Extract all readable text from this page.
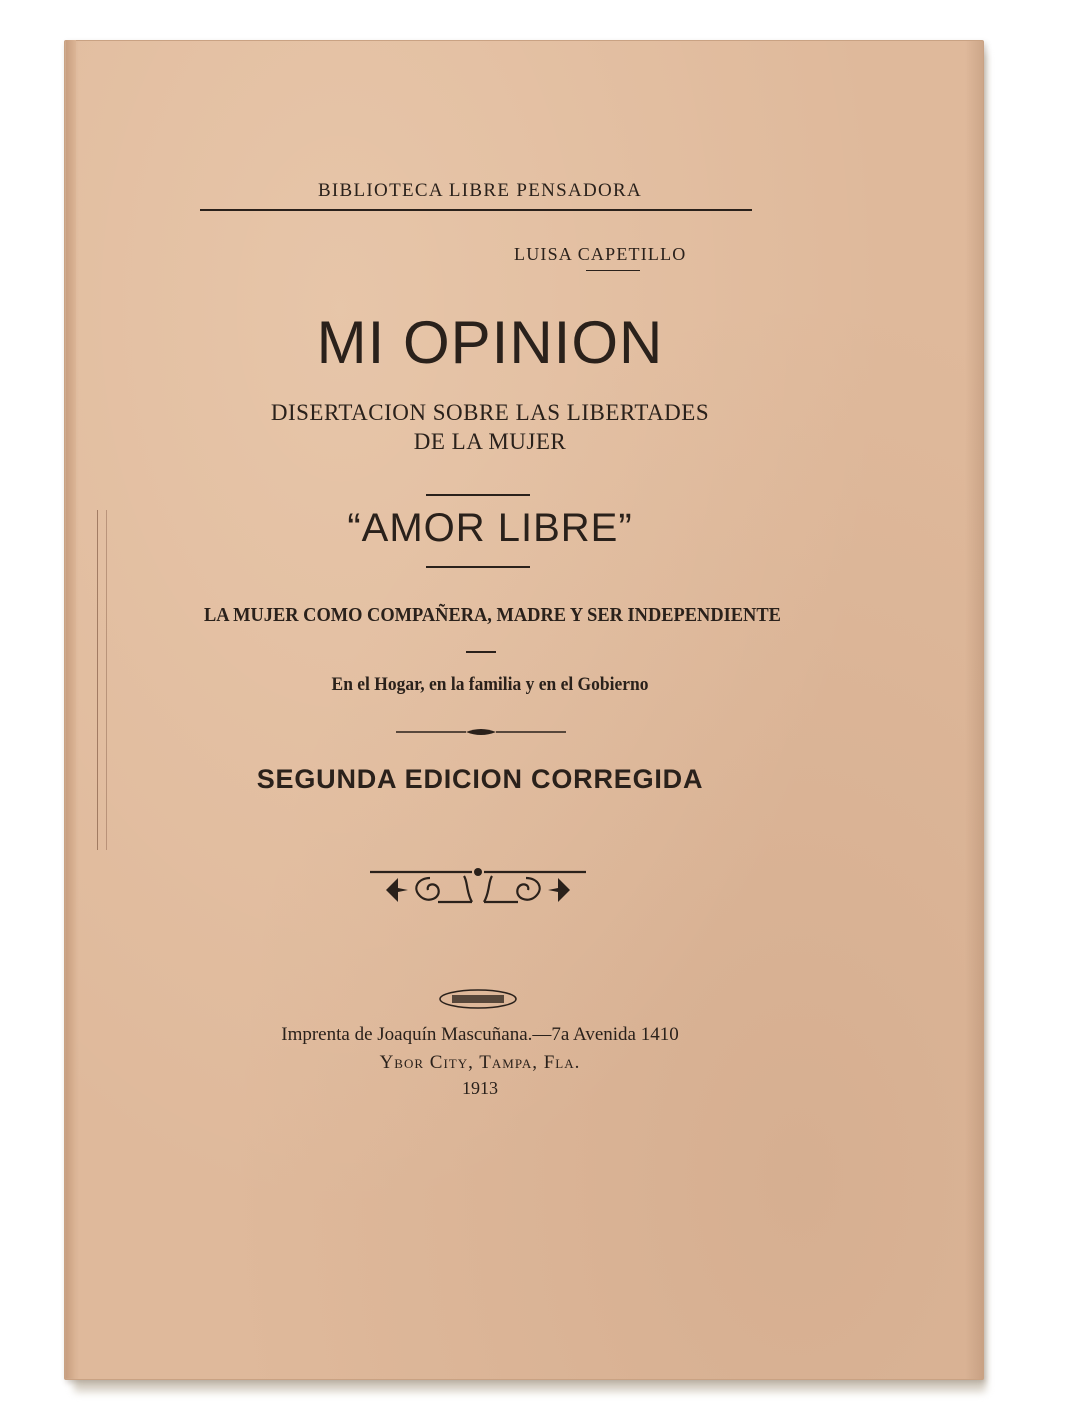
BIBLIOTECA LIBRE PENSADORA
LUISA CAPETILLO
MI OPINION
DISERTACION SOBRE LAS LIBERTADES
DE LA MUJER
“AMOR LIBRE”
LA MUJER COMO COMPAÑERA, MADRE Y SER INDEPENDIENTE
En el Hogar, en la familia y en el Gobierno
SEGUNDA EDICION CORREGIDA
Imprenta de Joaquín Mascuñana.—7a Avenida 1410
Ybor City, Tampa, Fla.
1913
